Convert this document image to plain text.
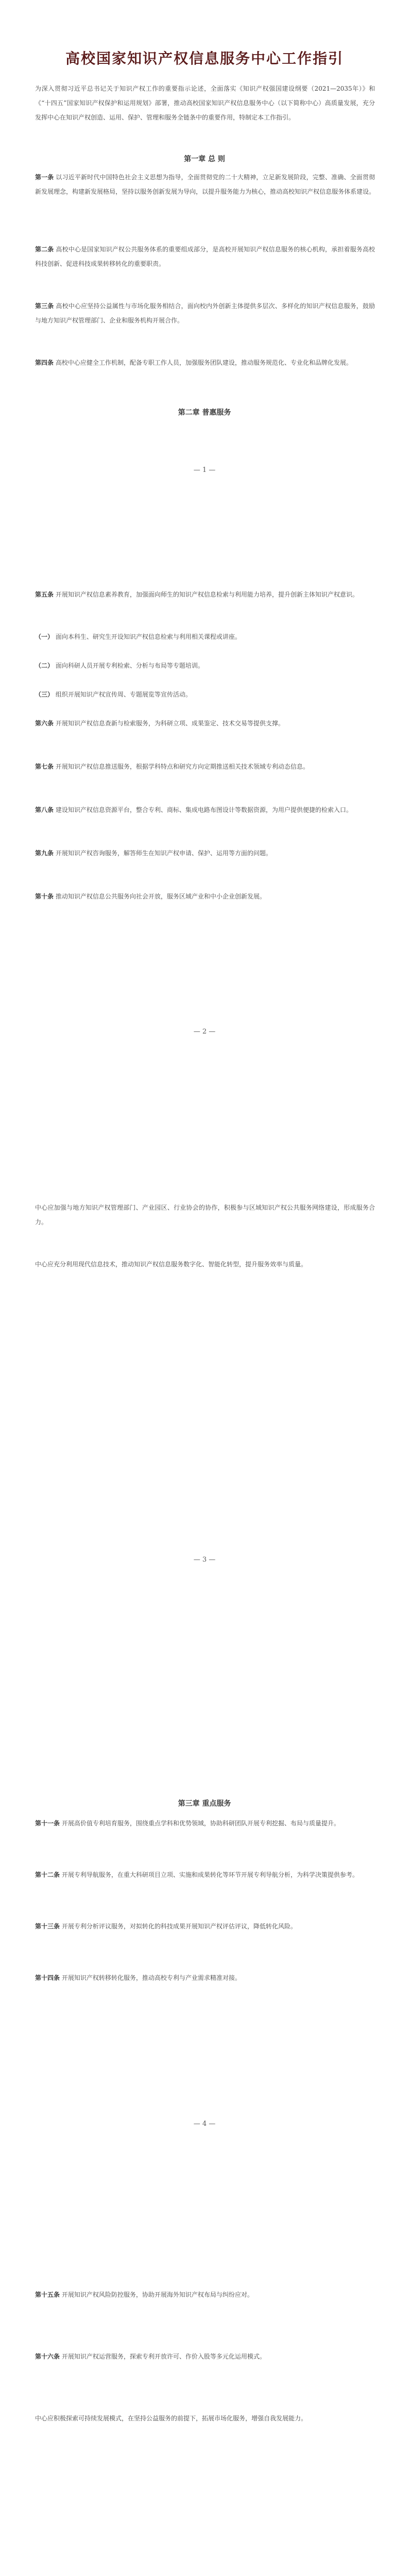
高校国家知识产权信息服务中心工作指引
为深入贯彻习近平总书记关于知识产权工作的重要指示论述，全面落实《知识产权强国建设纲要（2021—2035年）》和《“十四五”国家知识产权保护和运用规划》部署，推动高校国家知识产权信息服务中心（以下简称中心）高质量发展，充分发挥中心在知识产权创造、运用、保护、管理和服务全链条中的重要作用，特制定本工作指引。
第一章 总 则
第一条 以习近平新时代中国特色社会主义思想为指导，全面贯彻党的二十大精神，立足新发展阶段，完整、准确、全面贯彻新发展理念，构建新发展格局，坚持以服务创新发展为导向，以提升服务能力为核心，推动高校知识产权信息服务体系建设。
第二条 高校中心是国家知识产权公共服务体系的重要组成部分，是高校开展知识产权信息服务的核心机构，承担着服务高校科技创新、促进科技成果转移转化的重要职责。
第三条 高校中心应坚持公益属性与市场化服务相结合，面向校内外创新主体提供多层次、多样化的知识产权信息服务，鼓励与地方知识产权管理部门、企业和服务机构开展合作。
第四条 高校中心应健全工作机制，配备专职工作人员，加强服务团队建设，推动服务规范化、专业化和品牌化发展。
第二章 普惠服务
— 1 —
第五条 开展知识产权信息素养教育，加强面向师生的知识产权信息检索与利用能力培养，提升创新主体知识产权意识。
（一） 面向本科生、研究生开设知识产权信息检索与利用相关课程或讲座。
（二） 面向科研人员开展专利检索、分析与布局等专题培训。
（三） 组织开展知识产权宣传周、专题展览等宣传活动。
第六条 开展知识产权信息查新与检索服务，为科研立项、成果鉴定、技术交易等提供支撑。
第七条 开展知识产权信息推送服务，根据学科特点和研究方向定期推送相关技术领域专利动态信息。
第八条 建设知识产权信息资源平台，整合专利、商标、集成电路布图设计等数据资源，为用户提供便捷的检索入口。
第九条 开展知识产权咨询服务，解答师生在知识产权申请、保护、运用等方面的问题。
第十条 推动知识产权信息公共服务向社会开放，服务区域产业和中小企业创新发展。
— 2 —
中心应加强与地方知识产权管理部门、产业园区、行业协会的协作，积极参与区域知识产权公共服务网络建设，形成服务合力。
中心应充分利用现代信息技术，推动知识产权信息服务数字化、智能化转型，提升服务效率与质量。
— 3 —
第三章 重点服务
第十一条 开展高价值专利培育服务，围绕重点学科和优势领域，协助科研团队开展专利挖掘、布局与质量提升。
第十二条 开展专利导航服务，在重大科研项目立项、实施和成果转化等环节开展专利导航分析，为科学决策提供参考。
第十三条 开展专利分析评议服务，对拟转化的科技成果开展知识产权评估评议，降低转化风险。
第十四条 开展知识产权转移转化服务，推动高校专利与产业需求精准对接。
— 4 —
第十五条 开展知识产权风险防控服务，协助开展海外知识产权布局与纠纷应对。
第十六条 开展知识产权运营服务，探索专利开放许可、作价入股等多元化运用模式。
中心应积极探索可持续发展模式，在坚持公益服务的前提下，拓展市场化服务，增强自我发展能力。
